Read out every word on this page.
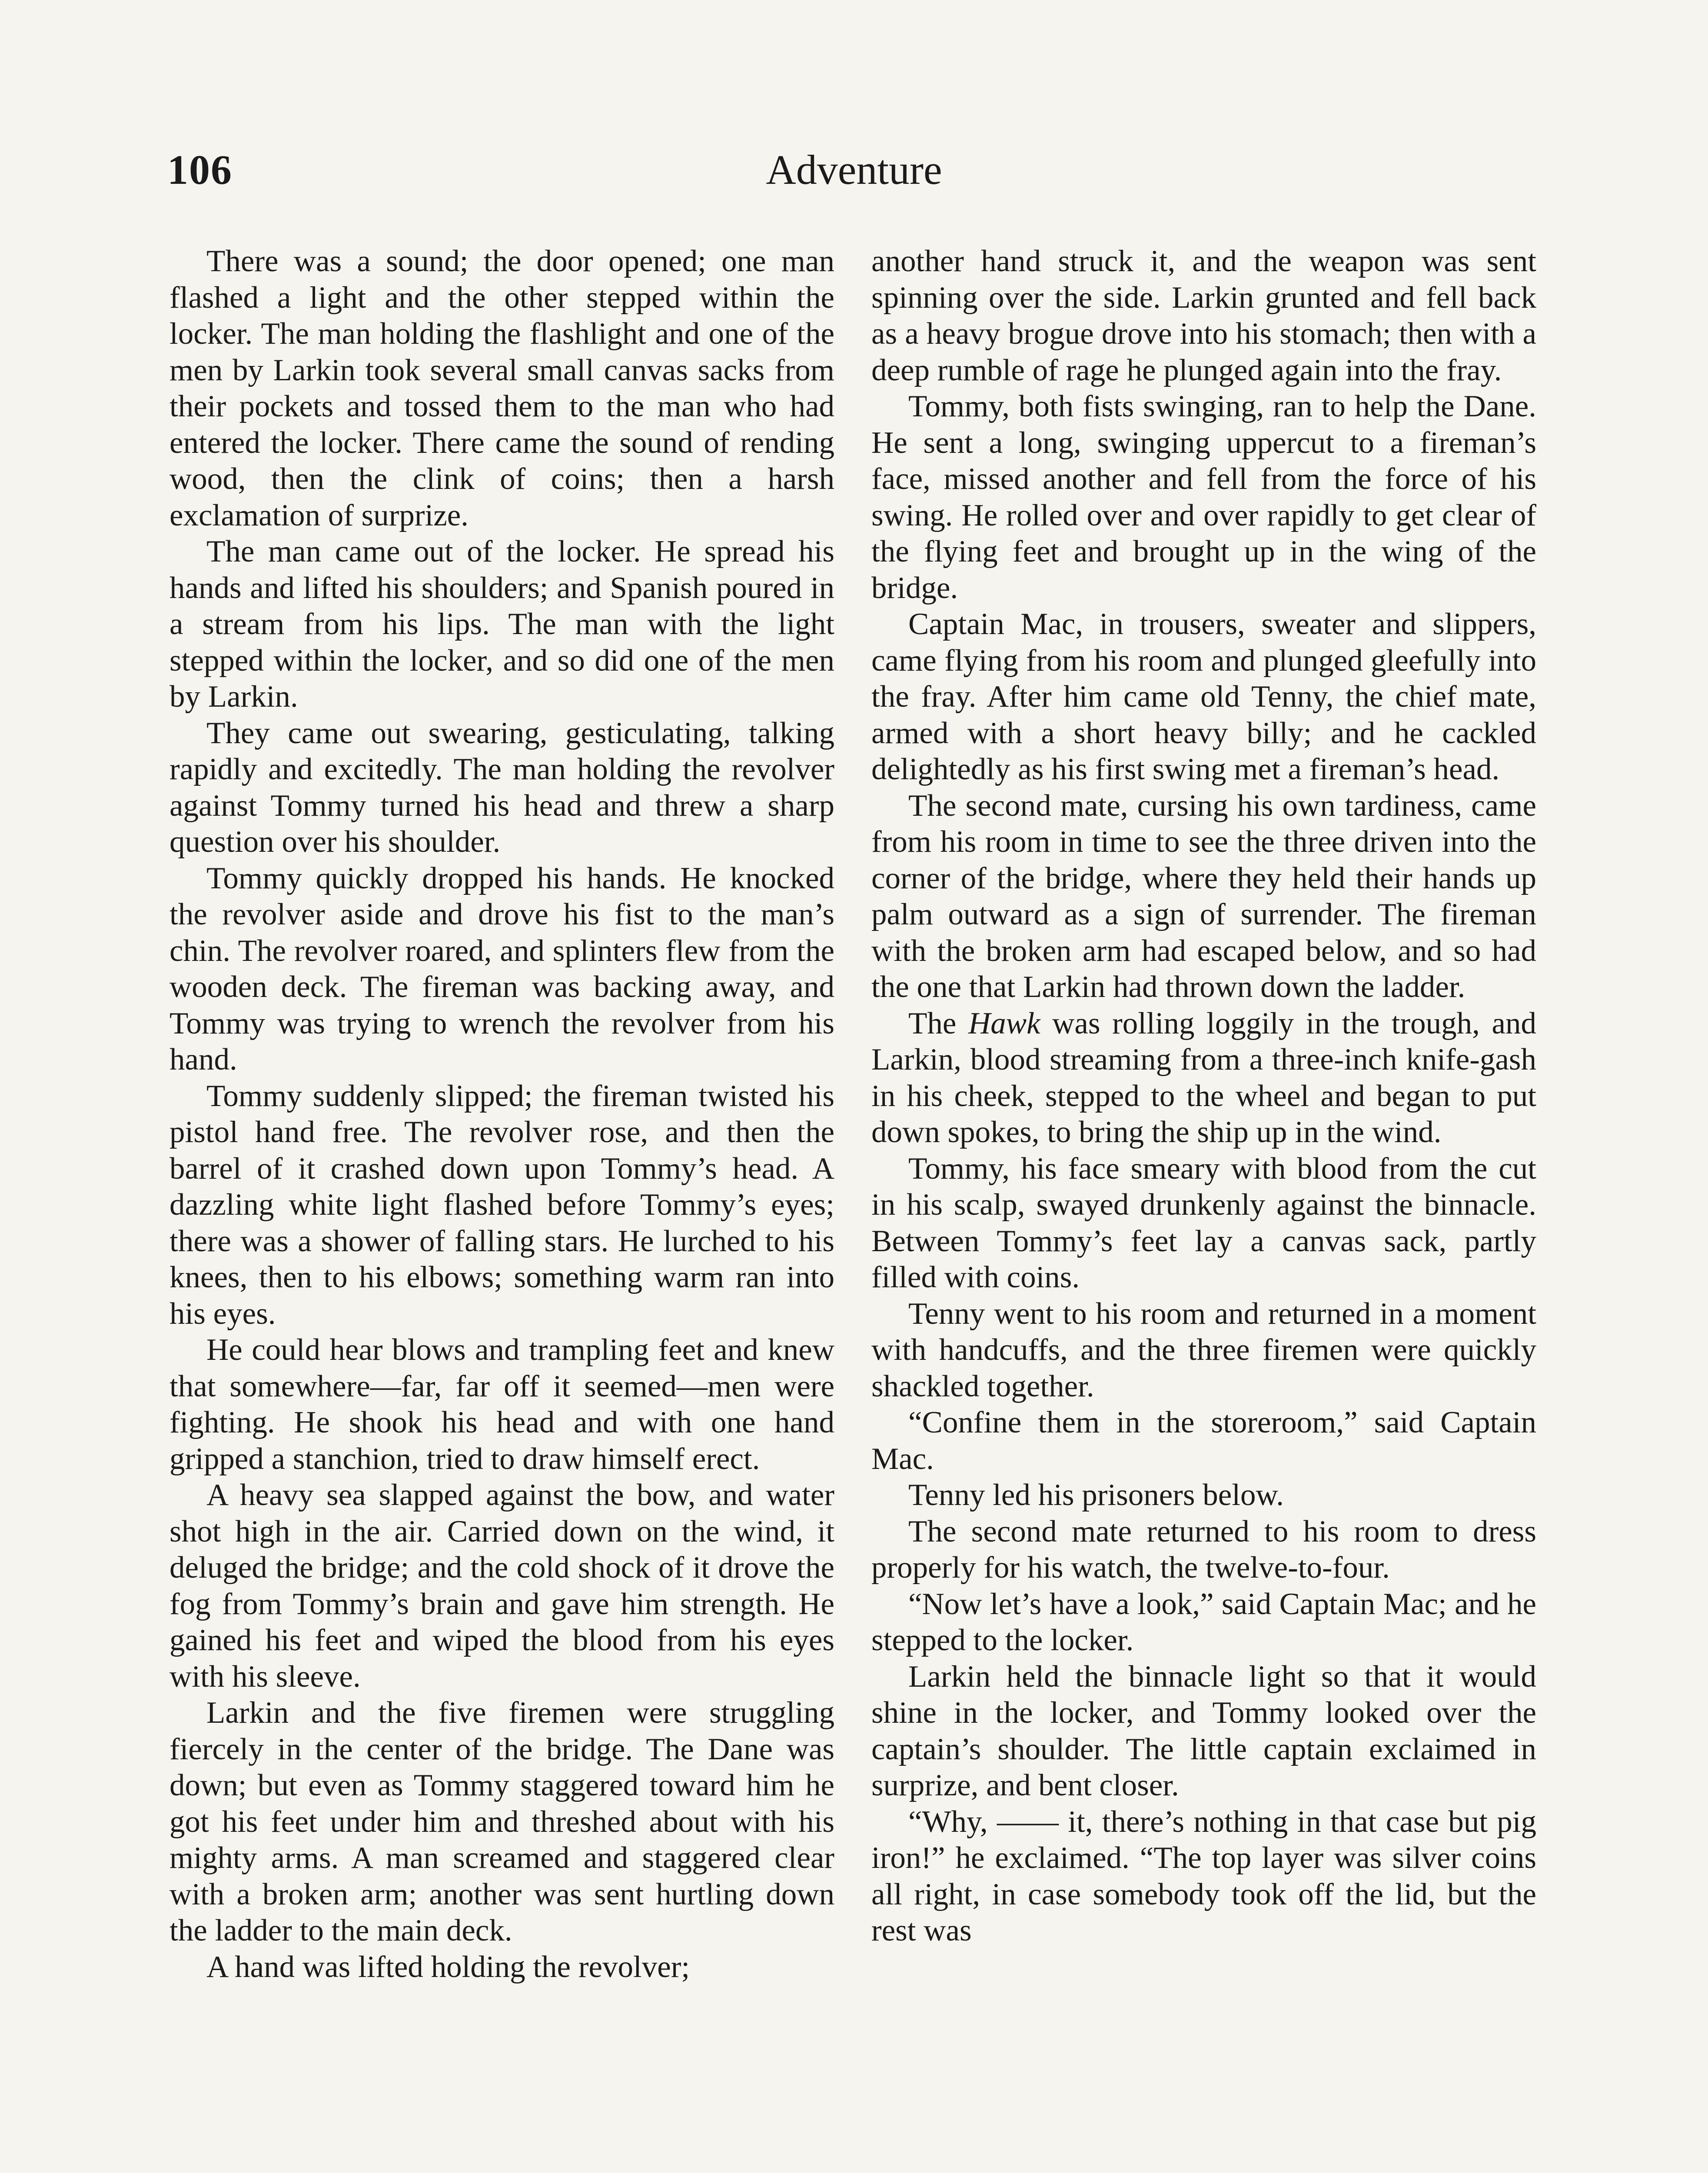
106	Adventure

There was a sound; the door opened; one man flashed a light and the other stepped within the locker. The man holding the flashlight and one of the men by Larkin took several small canvas sacks from their pockets and tossed them to the man who had entered the locker. There came the sound of rending wood, then the clink of coins; then a harsh exclamation of surprize.

The man came out of the locker. He spread his hands and lifted his shoulders; and Spanish poured in a stream from his lips. The man with the light stepped within the locker, and so did one of the men by Larkin.

They came out swearing, gesticulating, talking rapidly and excitedly. The man holding the revolver against Tommy turned his head and threw a sharp question over his shoulder.

Tommy quickly dropped his hands. He knocked the revolver aside and drove his fist to the man’s chin. The revolver roared, and splinters flew from the wooden deck. The fireman was backing away, and Tommy was trying to wrench the revolver from his hand.

Tommy suddenly slipped; the fireman twisted his pistol hand free. The revolver rose, and then the barrel of it crashed down upon Tommy’s head. A dazzling white light flashed before Tommy’s eyes; there was a shower of falling stars. He lurched to his knees, then to his elbows; something warm ran into his eyes.

He could hear blows and trampling feet and knew that somewhere—far, far off it seemed—men were fighting. He shook his head and with one hand gripped a stanchion, tried to draw himself erect.

A heavy sea slapped against the bow, and water shot high in the air. Carried down on the wind, it deluged the bridge; and the cold shock of it drove the fog from Tommy’s brain and gave him strength. He gained his feet and wiped the blood from his eyes with his sleeve.

Larkin and the five firemen were struggling fiercely in the center of the bridge. The Dane was down; but even as Tommy staggered toward him he got his feet under him and threshed about with his mighty arms. A man screamed and staggered clear with a broken arm; another was sent hurtling down the ladder to the main deck.

A hand was lifted holding the revolver;

another hand struck it, and the weapon was sent spinning over the side. Larkin grunted and fell back as a heavy brogue drove into his stomach; then with a deep rumble of rage he plunged again into the fray.

Tommy, both fists swinging, ran to help the Dane. He sent a long, swinging uppercut to a fireman’s face, missed another and fell from the force of his swing. He rolled over and over rapidly to get clear of the flying feet and brought up in the wing of the bridge.

Captain Mac, in trousers, sweater and slippers, came flying from his room and plunged gleefully into the fray. After him came old Tenny, the chief mate, armed with a short heavy billy; and he cackled delightedly as his first swing met a fireman’s head.

The second mate, cursing his own tardiness, came from his room in time to see the three driven into the corner of the bridge, where they held their hands up palm outward as a sign of surrender. The fireman with the broken arm had escaped below, and so had the one that Larkin had thrown down the ladder.

The Hawk was rolling loggily in the trough, and Larkin, blood streaming from a three-inch knife-gash in his cheek, stepped to the wheel and began to put down spokes, to bring the ship up in the wind.

Tommy, his face smeary with blood from the cut in his scalp, swayed drunkenly against the binnacle. Between Tommy’s feet lay a canvas sack, partly filled with coins.

Tenny went to his room and returned in a moment with handcuffs, and the three firemen were quickly shackled together.

“Confine them in the storeroom,” said Captain Mac.

Tenny led his prisoners below.

The second mate returned to his room to dress properly for his watch, the twelve-to-four.

“Now let’s have a look,” said Captain Mac; and he stepped to the locker.

Larkin held the binnacle light so that it would shine in the locker, and Tommy looked over the captain’s shoulder. The little captain exclaimed in surprize, and bent closer.

“Why, —— it, there’s nothing in that case but pig iron!” he exclaimed. “The top layer was silver coins all right, in case somebody took off the lid, but the rest was
